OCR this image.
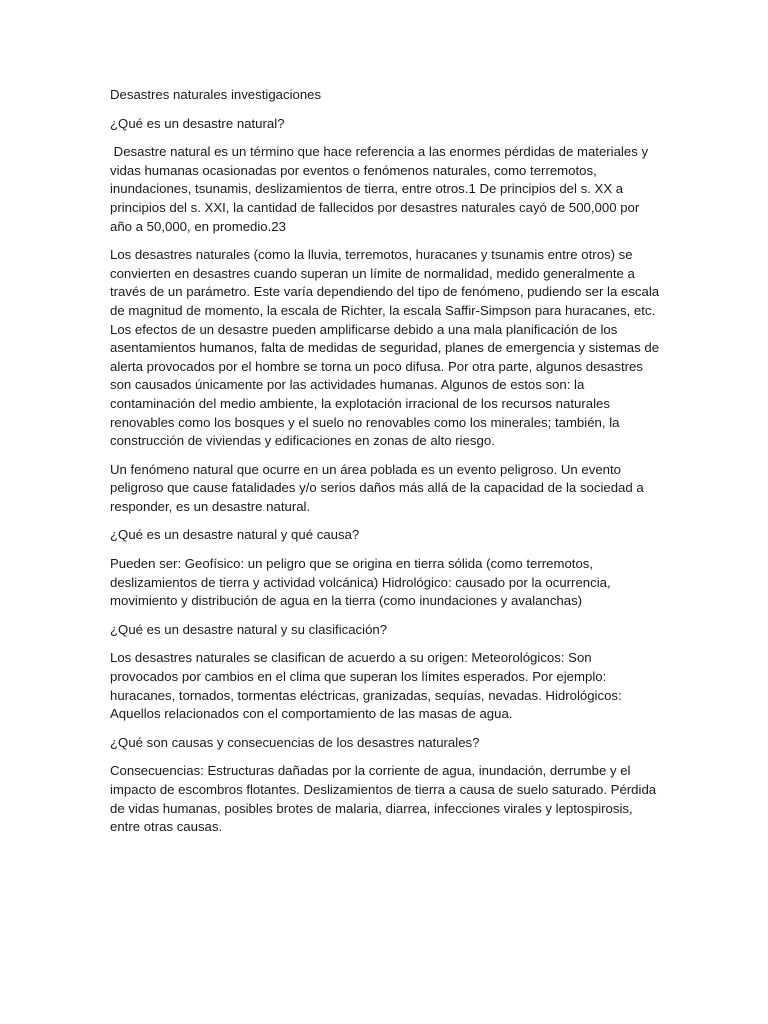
Desastres naturales investigaciones

¿Qué es un desastre natural?

Desastre natural es un término que hace referencia a las enormes pérdidas de materiales y vidas humanas ocasionadas por eventos o fenómenos naturales, como terremotos, inundaciones, tsunamis, deslizamientos de tierra, entre otros.1 De principios del s. XX a principios del s. XXI, la cantidad de fallecidos por desastres naturales cayó de 500,000 por año a 50,000, en promedio.23

Los desastres naturales (como la lluvia, terremotos, huracanes y tsunamis entre otros) se convierten en desastres cuando superan un límite de normalidad, medido generalmente a través de un parámetro. Este varía dependiendo del tipo de fenómeno, pudiendo ser la escala de magnitud de momento, la escala de Richter, la escala Saffir-Simpson para huracanes, etc. Los efectos de un desastre pueden amplificarse debido a una mala planificación de los asentamientos humanos, falta de medidas de seguridad, planes de emergencia y sistemas de alerta provocados por el hombre se torna un poco difusa. Por otra parte, algunos desastres son causados únicamente por las actividades humanas. Algunos de estos son: la contaminación del medio ambiente, la explotación irracional de los recursos naturales renovables como los bosques y el suelo no renovables como los minerales; también, la construcción de viviendas y edificaciones en zonas de alto riesgo.

Un fenómeno natural que ocurre en un área poblada es un evento peligroso. Un evento peligroso que cause fatalidades y/o serios daños más allá de la capacidad de la sociedad a responder, es un desastre natural.

¿Qué es un desastre natural y qué causa?

Pueden ser: Geofísico: un peligro que se origina en tierra sólida (como terremotos, deslizamientos de tierra y actividad volcánica) Hidrológico: causado por la ocurrencia, movimiento y distribución de agua en la tierra (como inundaciones y avalanchas)

¿Qué es un desastre natural y su clasificación?

Los desastres naturales se clasifican de acuerdo a su origen: Meteorológicos: Son provocados por cambios en el clima que superan los límites esperados. Por ejemplo: huracanes, tornados, tormentas eléctricas, granizadas, sequías, nevadas. Hidrológicos: Aquellos relacionados con el comportamiento de las masas de agua.

¿Qué son causas y consecuencias de los desastres naturales?

Consecuencias: Estructuras dañadas por la corriente de agua, inundación, derrumbe y el impacto de escombros flotantes. Deslizamientos de tierra a causa de suelo saturado. Pérdida de vidas humanas, posibles brotes de malaria, diarrea, infecciones virales y leptospirosis, entre otras causas.
